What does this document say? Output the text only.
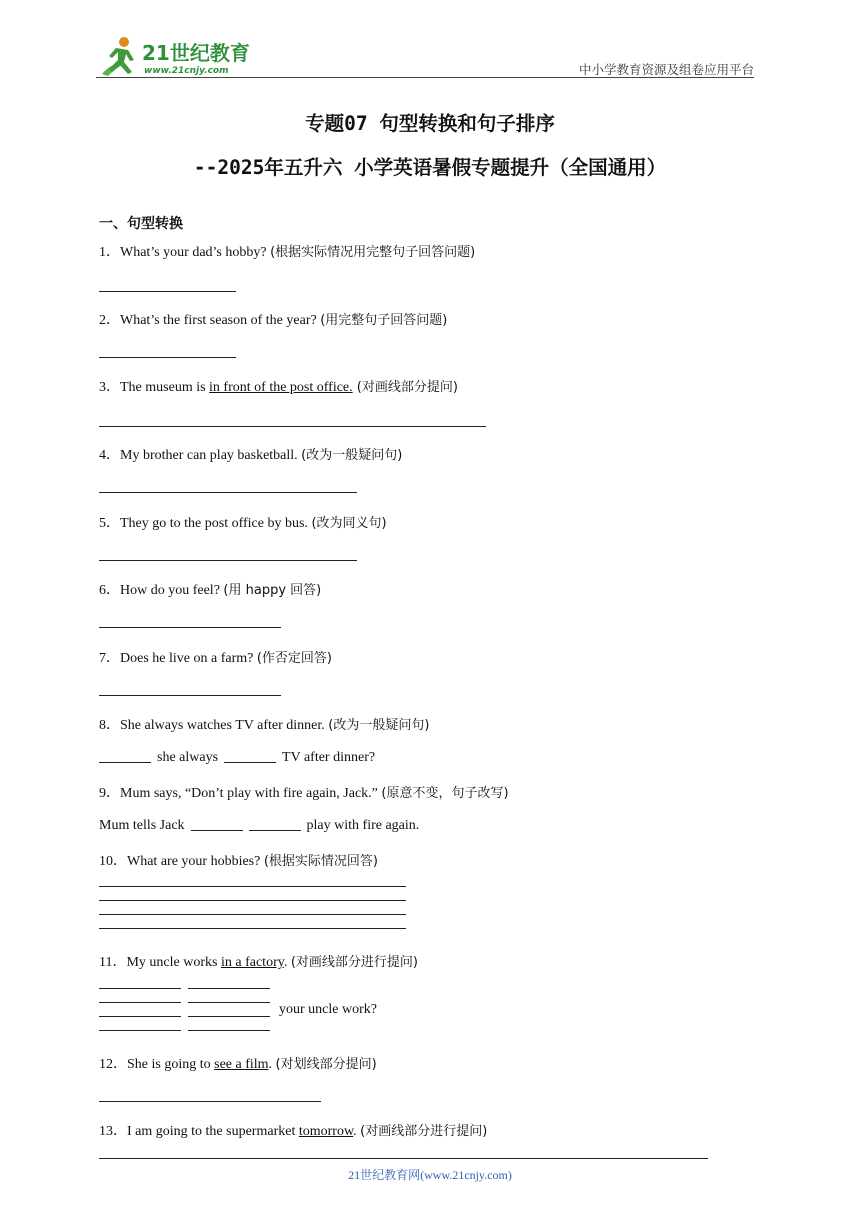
21世纪教育
www.21cnjy.com	中小学教育资源及组卷应用平台
专题07 句型转换和句子排序
--2025年五升六 小学英语暑假专题提升（全国通用）
一、句型转换
1．What’s your dad’s hobby? (根据实际情况用完整句子回答问题)
2．What’s the first season of the year? (用完整句子回答问题)
3．The museum is in front of the post office. (对画线部分提问)
4．My brother can play basketball. (改为一般疑问句)
5．They go to the post office by bus. (改为同义句)
6．How do you feel? (用 happy 回答)
7．Does he live on a farm? (作否定回答)
8．She always watches TV after dinner. (改为一般疑问句)
she always	TV after dinner?
9．Mum says, “Don’t play with fire again, Jack.” (原意不变，句子改写)
Mum tells Jack	play with fire again.
10．What are your hobbies? (根据实际情况回答)
11．My uncle works in a factory. (对画线部分进行提问)
your uncle work?
12．She is going to see a film. (对划线部分提问)
13．I am going to the supermarket tomorrow. (对画线部分进行提问)
21世纪教育网(www.21cnjy.com)
